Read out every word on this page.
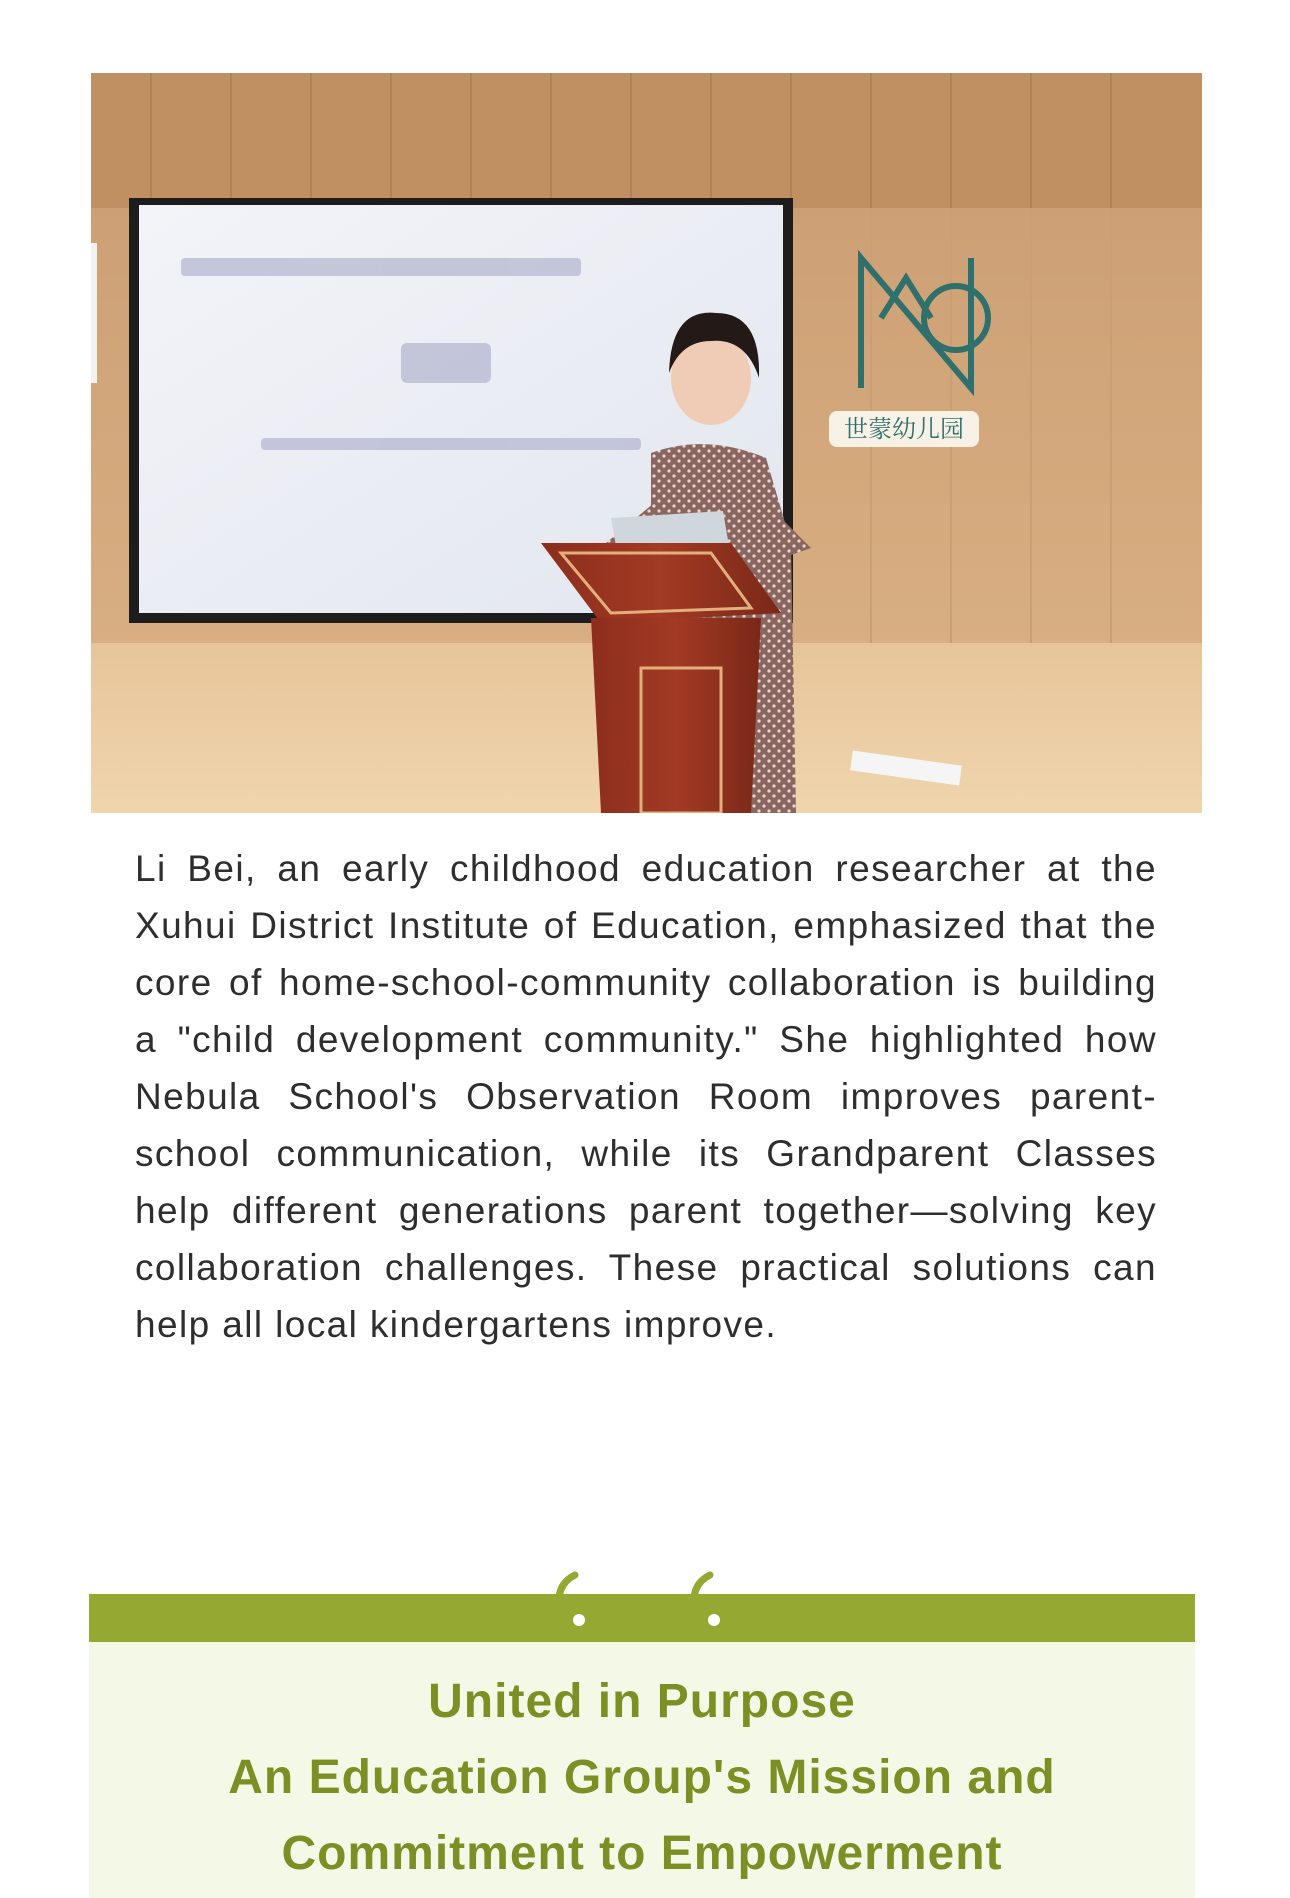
世蒙幼儿园

Li Bei, an early childhood education researcher at the Xuhui District Institute of Education, emphasized that the core of home-school-community collaboration is building a "child development community." She highlighted how Nebula School's Observation Room improves parent-school communication, while its Grandparent Classes help different generations parent together—solving key collaboration challenges. These practical solutions can help all local kindergartens improve.

United in Purpose
An Education Group's Mission and
Commitment to Empowerment
